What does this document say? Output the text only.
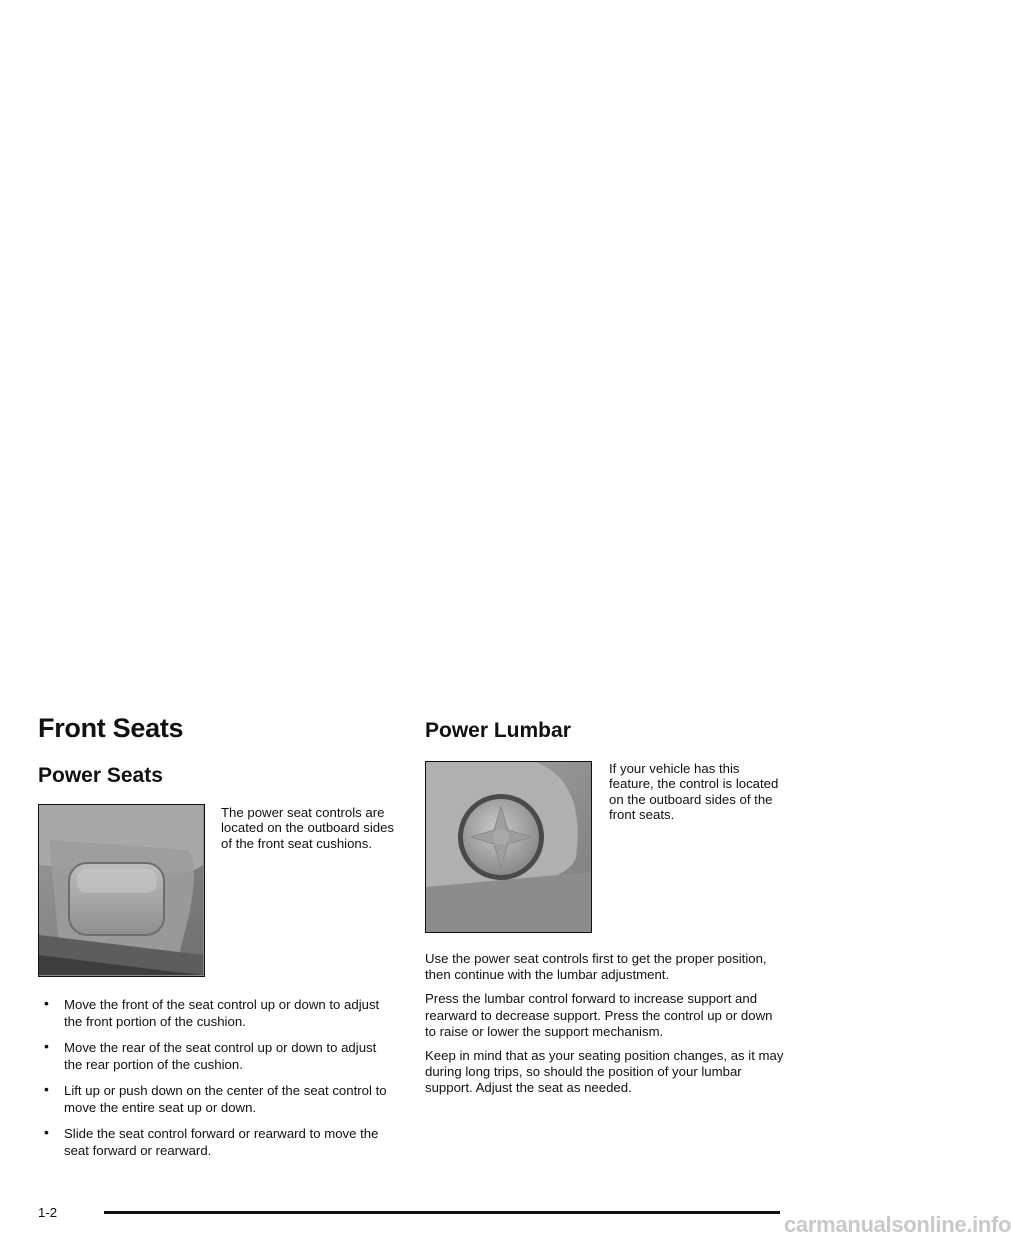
Front Seats
Power Seats

The power seat controls are located on the outboard sides of the front seat cushions.

• Move the front of the seat control up or down to adjust the front portion of the cushion.
• Move the rear of the seat control up or down to adjust the rear portion of the cushion.
• Lift up or push down on the center of the seat control to move the entire seat up or down.
• Slide the seat control forward or rearward to move the seat forward or rearward.
Power Lumbar

If your vehicle has this feature, the control is located on the outboard sides of the front seats.

Use the power seat controls first to get the proper position, then continue with the lumbar adjustment.

Press the lumbar control forward to increase support and rearward to decrease support. Press the control up or down to raise or lower the support mechanism.

Keep in mind that as your seating position changes, as it may during long trips, so should the position of your lumbar support. Adjust the seat as needed.

1-2	carmanualsonline.info
